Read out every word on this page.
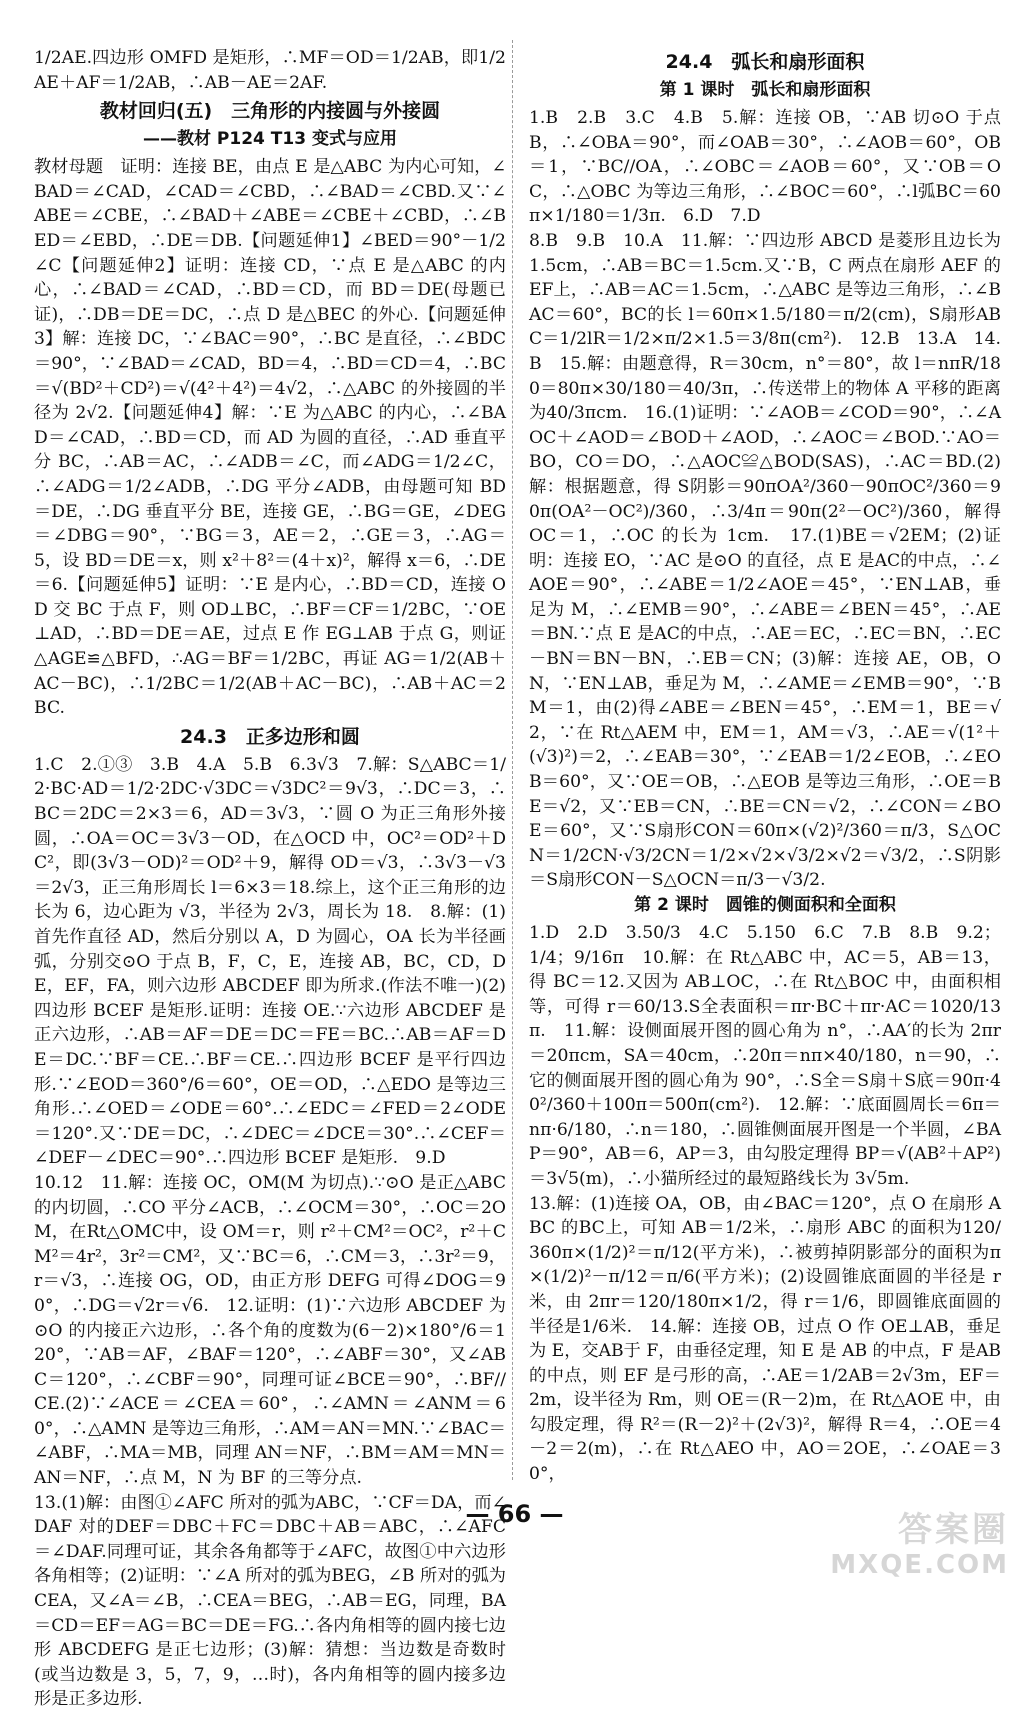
1/2AE.四边形 OMFD 是矩形，∴MF＝OD＝1/2AB，即1/2AE＋AF＝1/2AB，∴AB－AE＝2AF.

教材回归(五)　三角形的内接圆与外接圆
——教材 P124 T13 变式与应用

教材母题　证明：连接 BE，由点 E 是△ABC 为内心可知，∠BAD＝∠CAD，∠CAD＝∠CBD，∴∠BAD＝∠CBD.又∵∠ABE＝∠CBE，∴∠BAD＋∠ABE＝∠CBE＋∠CBD，∴∠BED＝∠EBD，∴DE＝DB.【问题延伸1】∠BED＝90°－1/2∠C【问题延伸2】证明：连接 CD，∵点 E 是△ABC 的内心，∴∠BAD＝∠CAD，∴BD＝CD，而 BD＝DE(母题已证)，∴DB＝DE＝DC，∴点 D 是△BEC 的外心.【问题延伸3】解：连接 DC，∵∠BAC＝90°，∴BC 是直径，∴∠BDC＝90°，∵∠BAD＝∠CAD，BD＝4，∴BD＝CD＝4，∴BC＝√(BD²＋CD²)＝√(4²＋4²)＝4√2，∴△ABC 的外接圆的半径为 2√2.【问题延伸4】解：∵E 为△ABC 的内心，∴∠BAD＝∠CAD，∴BD＝CD，而 AD 为圆的直径，∴AD 垂直平分 BC，∴AB＝AC，∴∠ADB＝∠C，而∠ADG＝1/2∠C，∴∠ADG＝1/2∠ADB，∴DG 平分∠ADB，由母题可知 BD＝DE，∴DG 垂直平分 BE，连接 GE，∴BG＝GE，∠DEG＝∠DBG＝90°，∵BG＝3，AE＝2，∴GE＝3，∴AG＝5，设 BD＝DE＝x，则 x²＋8²＝(4＋x)²，解得 x＝6，∴DE＝6.【问题延伸5】证明：∵E 是内心，∴BD＝CD，连接 OD 交 BC 于点 F，则 OD⊥BC，∴BF＝CF＝1/2BC，∵OE⊥AD，∴BD＝DE＝AE，过点 E 作 EG⊥AB 于点 G，则证△AGE≌△BFD，∴AG＝BF＝1/2BC，再证 AG＝1/2(AB＋AC－BC)，∴1/2BC＝1/2(AB＋AC－BC)，∴AB＋AC＝2BC.

24.3　正多边形和圆

1.C　2.①③　3.B　4.A　5.B　6.3√3　7.解：S△ABC＝1/2·BC·AD＝1/2·2DC·√3DC＝√3DC²＝9√3，∴DC＝3，∴BC＝2DC＝2×3＝6，AD＝3√3，∵圆 O 为正三角形外接圆，∴OA＝OC＝3√3－OD，在△OCD 中，OC²＝OD²＋DC²，即(3√3－OD)²＝OD²＋9，解得 OD＝√3，∴3√3－√3＝2√3，正三角形周长 l＝6×3＝18.综上，这个正三角形的边长为 6，边心距为 √3，半径为 2√3，周长为 18.　8.解：(1)首先作直径 AD，然后分别以 A，D 为圆心，OA 长为半径画弧，分别交⊙O 于点 B，F，C，E，连接 AB，BC，CD，DE，EF，FA，则六边形 ABCDEF 即为所求.(作法不唯一)(2)四边形 BCEF 是矩形.证明：连接 OE.∵六边形 ABCDEF 是正六边形，∴AB＝AF＝DE＝DC＝FE＝BC.∴AB＝AF＝DE＝DC.∵BF＝CE.∴BF＝CE.∴四边形 BCEF 是平行四边形.∵∠EOD＝360°/6＝60°，OE＝OD，∴△EDO 是等边三角形.∴∠OED＝∠ODE＝60°.∴∠EDC＝∠FED＝2∠ODE＝120°.又∵DE＝DC，∴∠DEC＝∠DCE＝30°.∴∠CEF＝∠DEF－∠DEC＝90°.∴四边形 BCEF 是矩形.　9.D

10.12　11.解：连接 OC，OM(M 为切点).∵⊙O 是正△ABC 的内切圆，∴CO 平分∠ACB，∴∠OCM＝30°，∴OC＝2OM，在Rt△OMC中，设 OM＝r，则 r²＋CM²＝OC²，r²＋CM²＝4r²，3r²＝CM²，又∵BC＝6，∴CM＝3，∴3r²＝9，r＝√3，∴连接 OG，OD，由正方形 DEFG 可得∠DOG＝90°，∴DG＝√2r＝√6.　12.证明：(1)∵六边形 ABCDEF 为⊙O 的内接正六边形，∴各个角的度数为(6－2)×180°/6＝120°，∵AB＝AF，∠BAF＝120°，∴∠ABF＝30°，又∠ABC＝120°，∴∠CBF＝90°，同理可证∠BCE＝90°，∴BF//CE.(2)∵∠ACE＝∠CEA＝60°，∴∠AMN＝∠ANM＝60°，∴△AMN 是等边三角形，∴AM＝AN＝MN.∵∠BAC＝∠ABF，∴MA＝MB，同理 AN＝NF，∴BM＝AM＝MN＝AN＝NF，∴点 M，N 为 BF 的三等分点.

13.(1)解：由图①∠AFC 所对的弧为ABC，∵CF＝DA，而∠DAF 对的DEF＝DBC＋FC＝DBC＋AB＝ABC，∴∠AFC＝∠DAF.同理可证，其余各角都等于∠AFC，故图①中六边形各角相等；(2)证明：∵∠A 所对的弧为BEG，∠B 所对的弧为CEA，又∠A＝∠B，∴CEA＝BEG，∴AB＝EG，同理，BA＝CD＝EF＝AG＝BC＝DE＝FG.∴各内角相等的圆内接七边形 ABCDEFG 是正七边形；(3)解：猜想：当边数是奇数时(或当边数是 3，5，7，9，…时)，各内角相等的圆内接多边形是正多边形.

24.4　弧长和扇形面积
第 1 课时　弧长和扇形面积

1.B　2.B　3.C　4.B　5.解：连接 OB，∵AB 切⊙O 于点 B，∴∠OBA＝90°，而∠OAB＝30°，∴∠AOB＝60°，OB＝1，∵BC//OA，∴∠OBC＝∠AOB＝60°，又∵OB＝OC，∴△OBC 为等边三角形，∴∠BOC＝60°，∴l弧BC＝60π×1/180＝1/3π.　6.D　7.D

8.B　9.B　10.A　11.解：∵四边形 ABCD 是菱形且边长为 1.5cm，∴AB＝BC＝1.5cm.又∵B，C 两点在扇形 AEF 的EF上，∴AB＝AC＝1.5cm，∴△ABC 是等边三角形，∴∠BAC＝60°，BC的长 l＝60π×1.5/180＝π/2(cm)，S扇形ABC＝1/2lR＝1/2×π/2×1.5＝3/8π(cm²).　12.B　13.A　14.B　15.解：由题意得，R＝30cm，n°＝80°，故 l＝nπR/180＝80π×30/180＝40/3π，∴传送带上的物体 A 平移的距离为40/3πcm.　16.(1)证明：∵∠AOB＝∠COD＝90°，∴∠AOC＋∠AOD＝∠BOD＋∠AOD，∴∠AOC＝∠BOD.∵AO＝BO，CO＝DO，∴△AOC≌△BOD(SAS)，∴AC＝BD.(2)解：根据题意，得 S阴影＝90πOA²/360－90πOC²/360＝90π(OA²－OC²)/360，∴3/4π＝90π(2²－OC²)/360，解得 OC＝1，∴OC 的长为 1cm.　17.(1)BE＝√2EM；(2)证明：连接 EO，∵AC 是⊙O 的直径，点 E 是AC的中点，∴∠AOE＝90°，∴∠ABE＝1/2∠AOE＝45°，∵EN⊥AB，垂足为 M，∴∠EMB＝90°，∴∠ABE＝∠BEN＝45°，∴AE＝BN.∵点 E 是AC的中点，∴AE＝EC，∴EC＝BN，∴EC－BN＝BN－BN，∴EB＝CN；(3)解：连接 AE，OB，ON，∵EN⊥AB，垂足为 M，∴∠AME＝∠EMB＝90°，∵BM＝1，由(2)得∠ABE＝∠BEN＝45°，∴EM＝1，BE＝√2，∵在 Rt△AEM 中，EM＝1，AM＝√3，∴AE＝√(1²＋(√3)²)＝2，∴∠EAB＝30°，∵∠EAB＝1/2∠EOB，∴∠EOB＝60°，又∵OE＝OB，∴△EOB 是等边三角形，∴OE＝BE＝√2，又∵EB＝CN，∴BE＝CN＝√2，∴∠CON＝∠BOE＝60°，又∵S扇形CON＝60π×(√2)²/360＝π/3，S△OCN＝1/2CN·√3/2CN＝1/2×√2×√3/2×√2＝√3/2，∴S阴影＝S扇形CON－S△OCN＝π/3－√3/2.

第 2 课时　圆锥的侧面积和全面积

1.D　2.D　3.50/3　4.C　5.150　6.C　7.B　8.B　9.2；1/4；9/16π　10.解：在 Rt△ABC 中，AC＝5，AB＝13，得 BC＝12.又因为 AB⊥OC，∴在 Rt△BOC 中，由面积相等，可得 r＝60/13.S全表面积＝πr·BC＋πr·AC＝1020/13π.　11.解：设侧面展开图的圆心角为 n°，∴AA′的长为 2πr＝20πcm，SA＝40cm，∴20π＝nπ×40/180，n＝90，∴它的侧面展开图的圆心角为 90°，∴S全＝S扇＋S底＝90π·40²/360＋100π＝500π(cm²).　12.解：∵底面圆周长＝6π＝nπ·6/180，∴n＝180，∴圆锥侧面展开图是一个半圆，∠BAP＝90°，AB＝6，AP＝3，由勾股定理得 BP＝√(AB²＋AP²)＝3√5(m)，∴小猫所经过的最短路线长为 3√5m.

13.解：(1)连接 OA，OB，由∠BAC＝120°，点 O 在扇形 ABC 的BC上，可知 AB＝1/2米，∴扇形 ABC 的面积为120/360π×(1/2)²＝π/12(平方米)，∴被剪掉阴影部分的面积为π×(1/2)²－π/12＝π/6(平方米)；(2)设圆锥底面圆的半径是 r 米，由 2πr＝120/180π×1/2，得 r＝1/6，即圆锥底面圆的半径是1/6米.　14.解：连接 OB，过点 O 作 OE⊥AB，垂足为 E，交AB于 F，由垂径定理，知 E 是 AB 的中点，F 是AB的中点，则 EF 是弓形的高，∴AE＝1/2AB＝2√3m，EF＝2m，设半径为 Rm，则 OE＝(R－2)m，在 Rt△AOE 中，由勾股定理，得 R²＝(R－2)²＋(2√3)²，解得 R＝4，∴OE＝4－2＝2(m)，∴在 Rt△AEO 中，AO＝2OE，∴∠OAE＝30°，

— 66 —	答案圈
MXQE.COM
